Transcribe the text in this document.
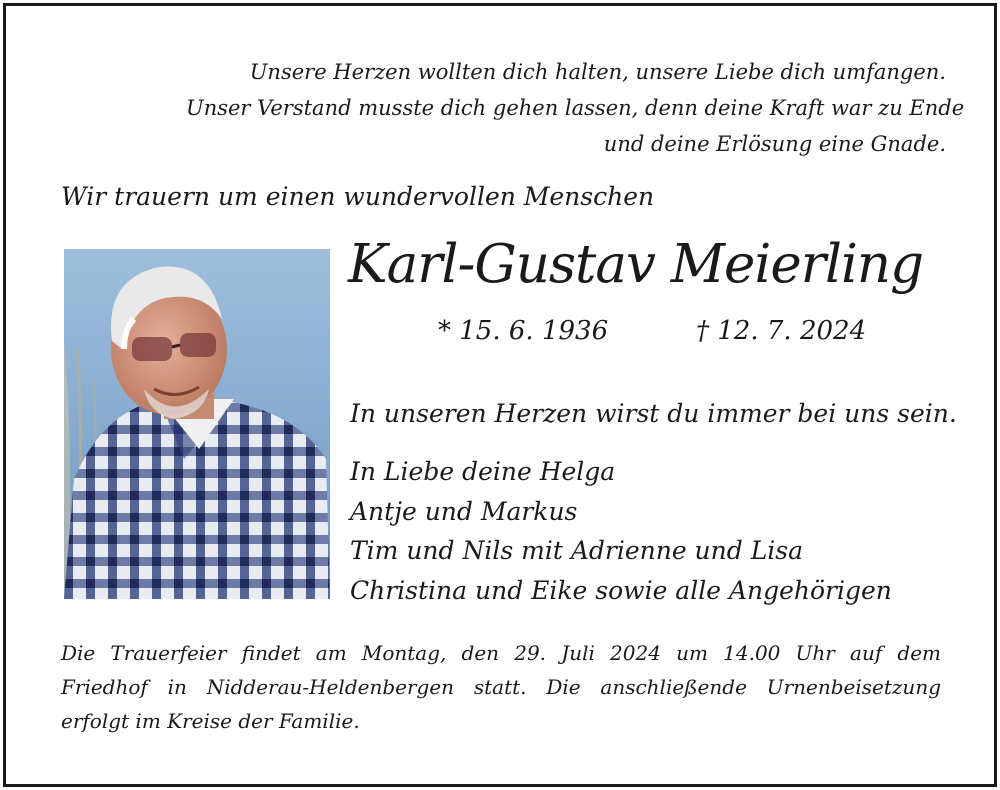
Unsere Herzen wollten dich halten, unsere Liebe dich umfangen.
Unser Verstand musste dich gehen lassen, denn deine Kraft war zu Ende
und deine Erlösung eine Gnade.
Wir trauern um einen wundervollen Menschen
Karl-Gustav Meierling
* 15. 6. 1936	† 12. 7. 2024
In unseren Herzen wirst du immer bei uns sein.
In Liebe deine Helga
Antje und Markus
Tim und Nils mit Adrienne und Lisa
Christina und Eike sowie alle Angehörigen
Die Trauerfeier findet am Montag, den 29. Juli 2024 um 14.00 Uhr auf dem
Friedhof in Nidderau-Heldenbergen statt. Die anschließende Urnenbeisetzung
erfolgt im Kreise der Familie.
